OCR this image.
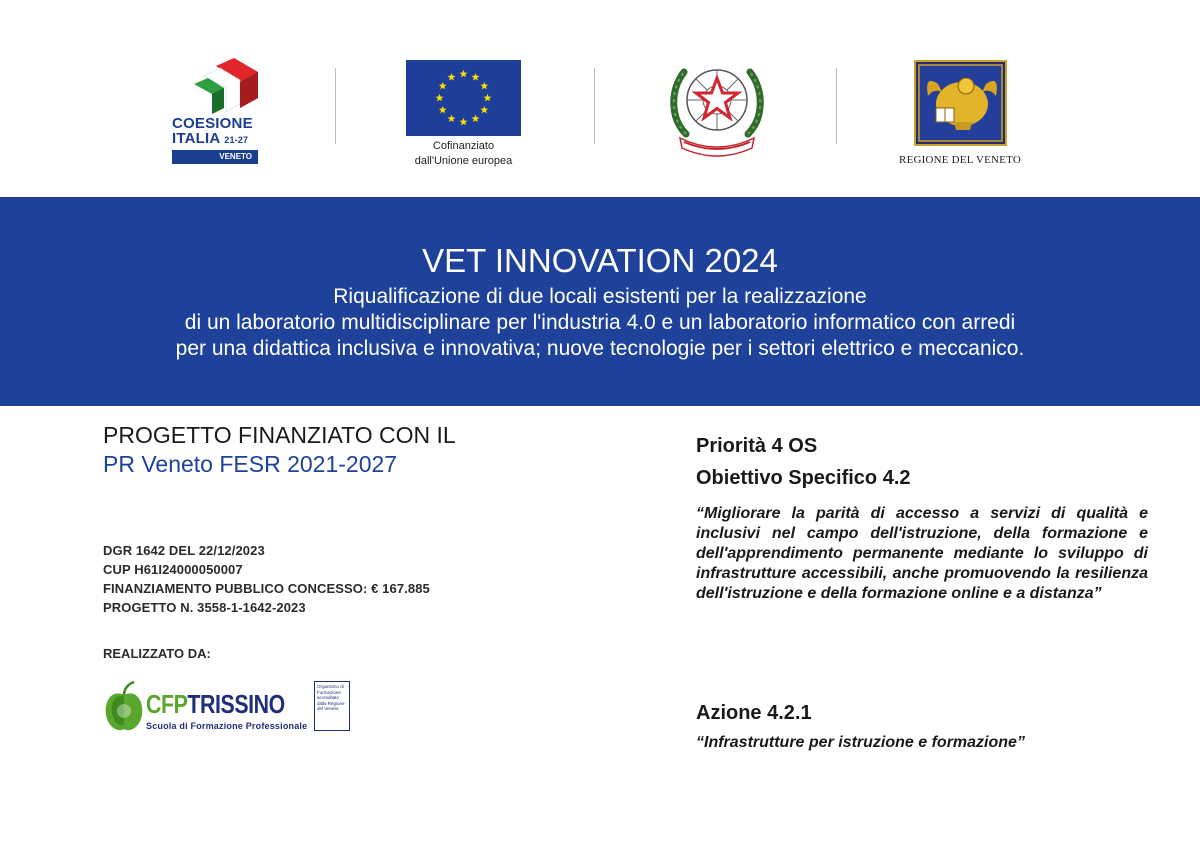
COESIONE
ITALIA 21-27
VENETO
Cofinanziato
dall'Unione europea	REGIONE DEL VENETO
VET INNOVATION 2024
Riqualificazione di due locali esistenti per la realizzazione
di un laboratorio multidisciplinare per l'industria 4.0 e un laboratorio informatico con arredi
per una didattica inclusiva e innovativa; nuove tecnologie per i settori elettrico e meccanico.
PROGETTO FINANZIATO CON IL
PR Veneto FESR 2021-2027
DGR 1642 DEL 22/12/2023
CUP H61I24000050007
FINANZIAMENTO PUBBLICO CONCESSO: € 167.885
PROGETTO N. 3558-1-1642-2023
REALIZZATO DA:
CFPTRISSINO
Scuola di Formazione Professionale
Organismo di Formazione accreditato dalla Regione del Veneto
Priorità 4 OS
Obiettivo Specifico 4.2
“Migliorare la parità di accesso a servizi di qualità e inclusivi nel campo dell'istruzione, della formazione e dell'apprendimento permanente mediante lo sviluppo di infrastrutture accessibili, anche promuovendo la resilienza dell'istruzione e della formazione online e a distanza”
Azione 4.2.1
“Infrastrutture per istruzione e formazione”
